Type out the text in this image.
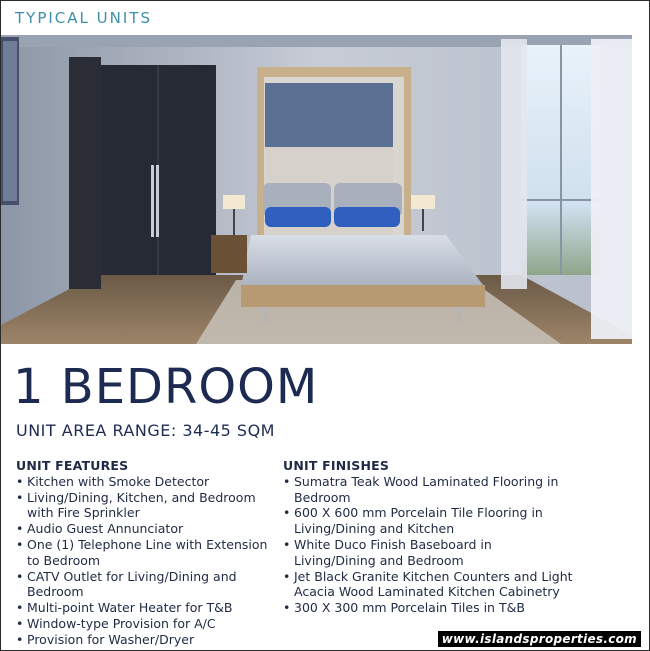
TYPICAL UNITS
1 BEDROOM
UNIT AREA RANGE: 34-45 SQM
UNIT FEATURES
• Kitchen with Smoke Detector
• Living/Dining, Kitchen, and Bedroom with Fire Sprinkler
• Audio Guest Annunciator
• One (1) Telephone Line with Extension to Bedroom
• CATV Outlet for Living/Dining and Bedroom
• Multi-point Water Heater for T&B
• Window-type Provision for A/C
• Provision for Washer/Dryer
UNIT FINISHES
• Sumatra Teak Wood Laminated Flooring in Bedroom
• 600 X 600 mm Porcelain Tile Flooring in Living/Dining and Kitchen
• White Duco Finish Baseboard in Living/Dining and Bedroom
• Jet Black Granite Kitchen Counters and Light Acacia Wood Laminated Kitchen Cabinetry
• 300 X 300 mm Porcelain Tiles in T&B
www.islandsproperties.com
